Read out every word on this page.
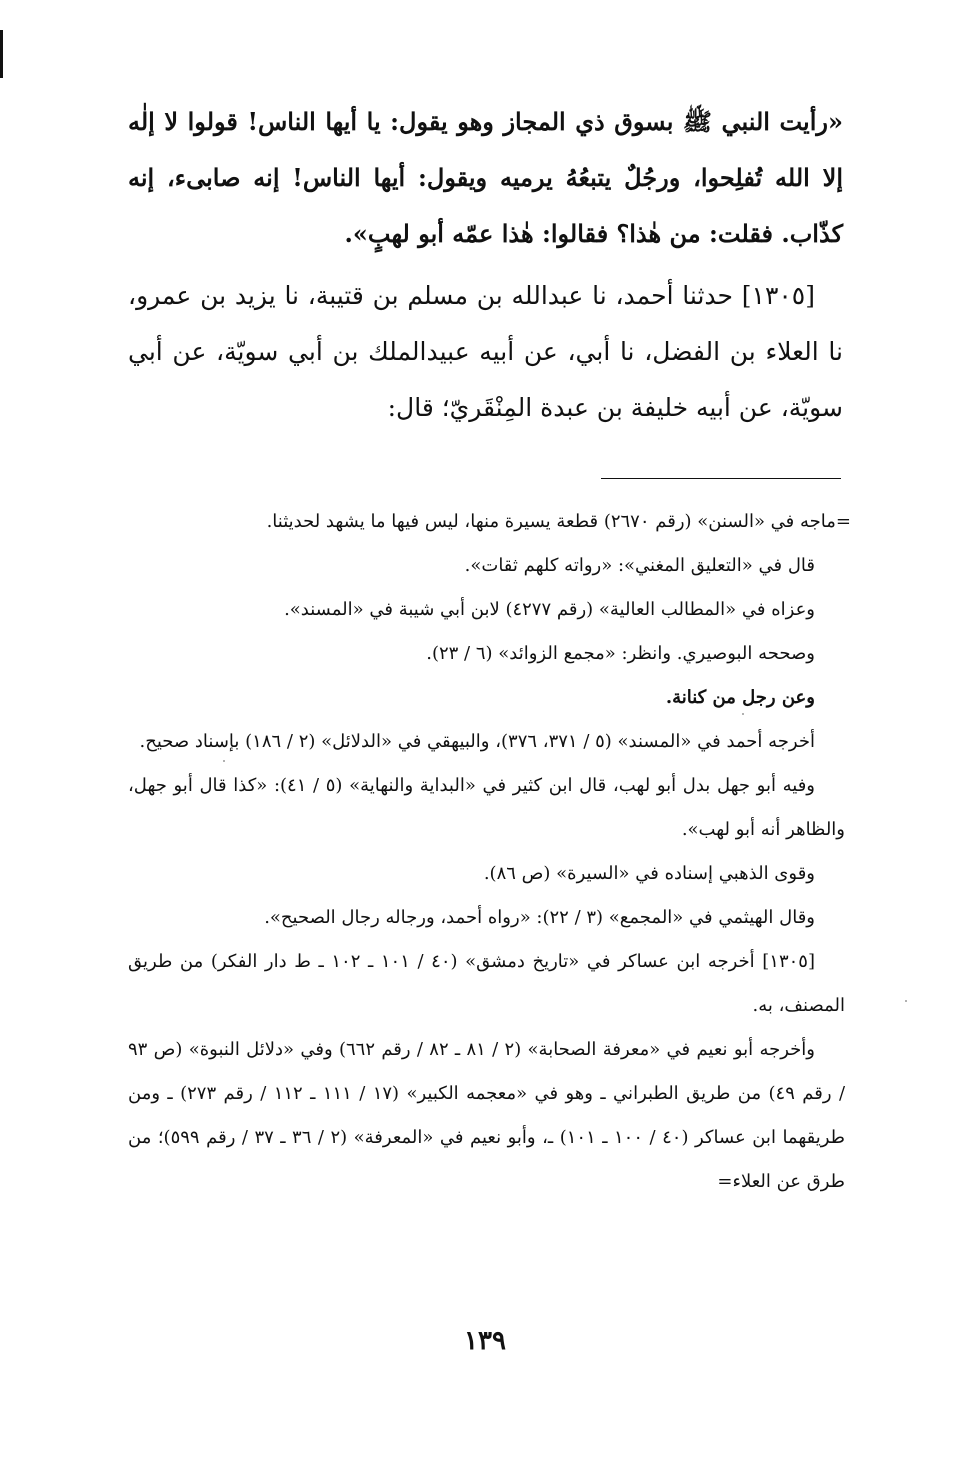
«رأيت النبي ﷺ بسوق ذي المجاز وهو يقول: يا أيها الناس! قولوا لا إلٰه إلا الله تُفلِحوا، ورجُلٌ يتبعُهُ يرميه ويقول: أيها الناس! إنه صابىء، إنه كذّاب. فقلت: من هٰذا؟ فقالوا: هٰذا عمّه أبو لهبٍ».

[١٣٠٥] حدثنا أحمد، نا عبدالله بن مسلم بن قتيبة، نا يزيد بن عمرو، نا العلاء بن الفضل، نا أبي، عن أبيه عبيدالملك بن أبي سويّة، عن أبي سويّة، عن أبيه خليفة بن عبدة المِنْقَريّ؛ قال:

=ماجه في «السنن» (رقم ٢٦٧٠) قطعة يسيرة منها، ليس فيها ما يشهد لحديثنا.

قال في «التعليق المغني»: «رواته كلهم ثقات».

وعزاه في «المطالب العالية» (رقم ٤٢٧٧) لابن أبي شيبة في «المسند».

وصححه البوصيري. وانظر: «مجمع الزوائد» (٦ / ٢٣).

وعن رجل من كنانة.

أخرجه أحمد في «المسند» (٥ / ٣٧١، ٣٧٦)، والبيهقي في «الدلائل» (٢ / ١٨٦) بإسناد صحيح.

وفيه أبو جهل بدل أبو لهب، قال ابن كثير في «البداية والنهاية» (٥ / ٤١): «كذا قال أبو جهل، والظاهر أنه أبو لهب».

وقوى الذهبي إسناده في «السيرة» (ص ٨٦).

وقال الهيثمي في «المجمع» (٣ / ٢٢): «رواه أحمد، ورجاله رجال الصحيح».

[١٣٠٥] أخرجه ابن عساكر في «تاريخ دمشق» (٤٠ / ١٠١ ـ ١٠٢ ـ ط دار الفكر) من طريق المصنف، به.

وأخرجه أبو نعيم في «معرفة الصحابة» (٢ / ٨١ ـ ٨٢ / رقم ٦٦٢) وفي «دلائل النبوة» (ص ٩٣ / رقم ٤٩) من طريق الطبراني ـ وهو في «معجمه الكبير» (١٧ / ١١١ ـ ١١٢ / رقم ٢٧٣) ـ ومن طريقهما ابن عساكر (٤٠ / ١٠٠ ـ ١٠١) ـ، وأبو نعيم في «المعرفة» (٢ / ٣٦ ـ ٣٧ / رقم ٥٩٩)؛ من طرق عن العلاء=

١٣٩
